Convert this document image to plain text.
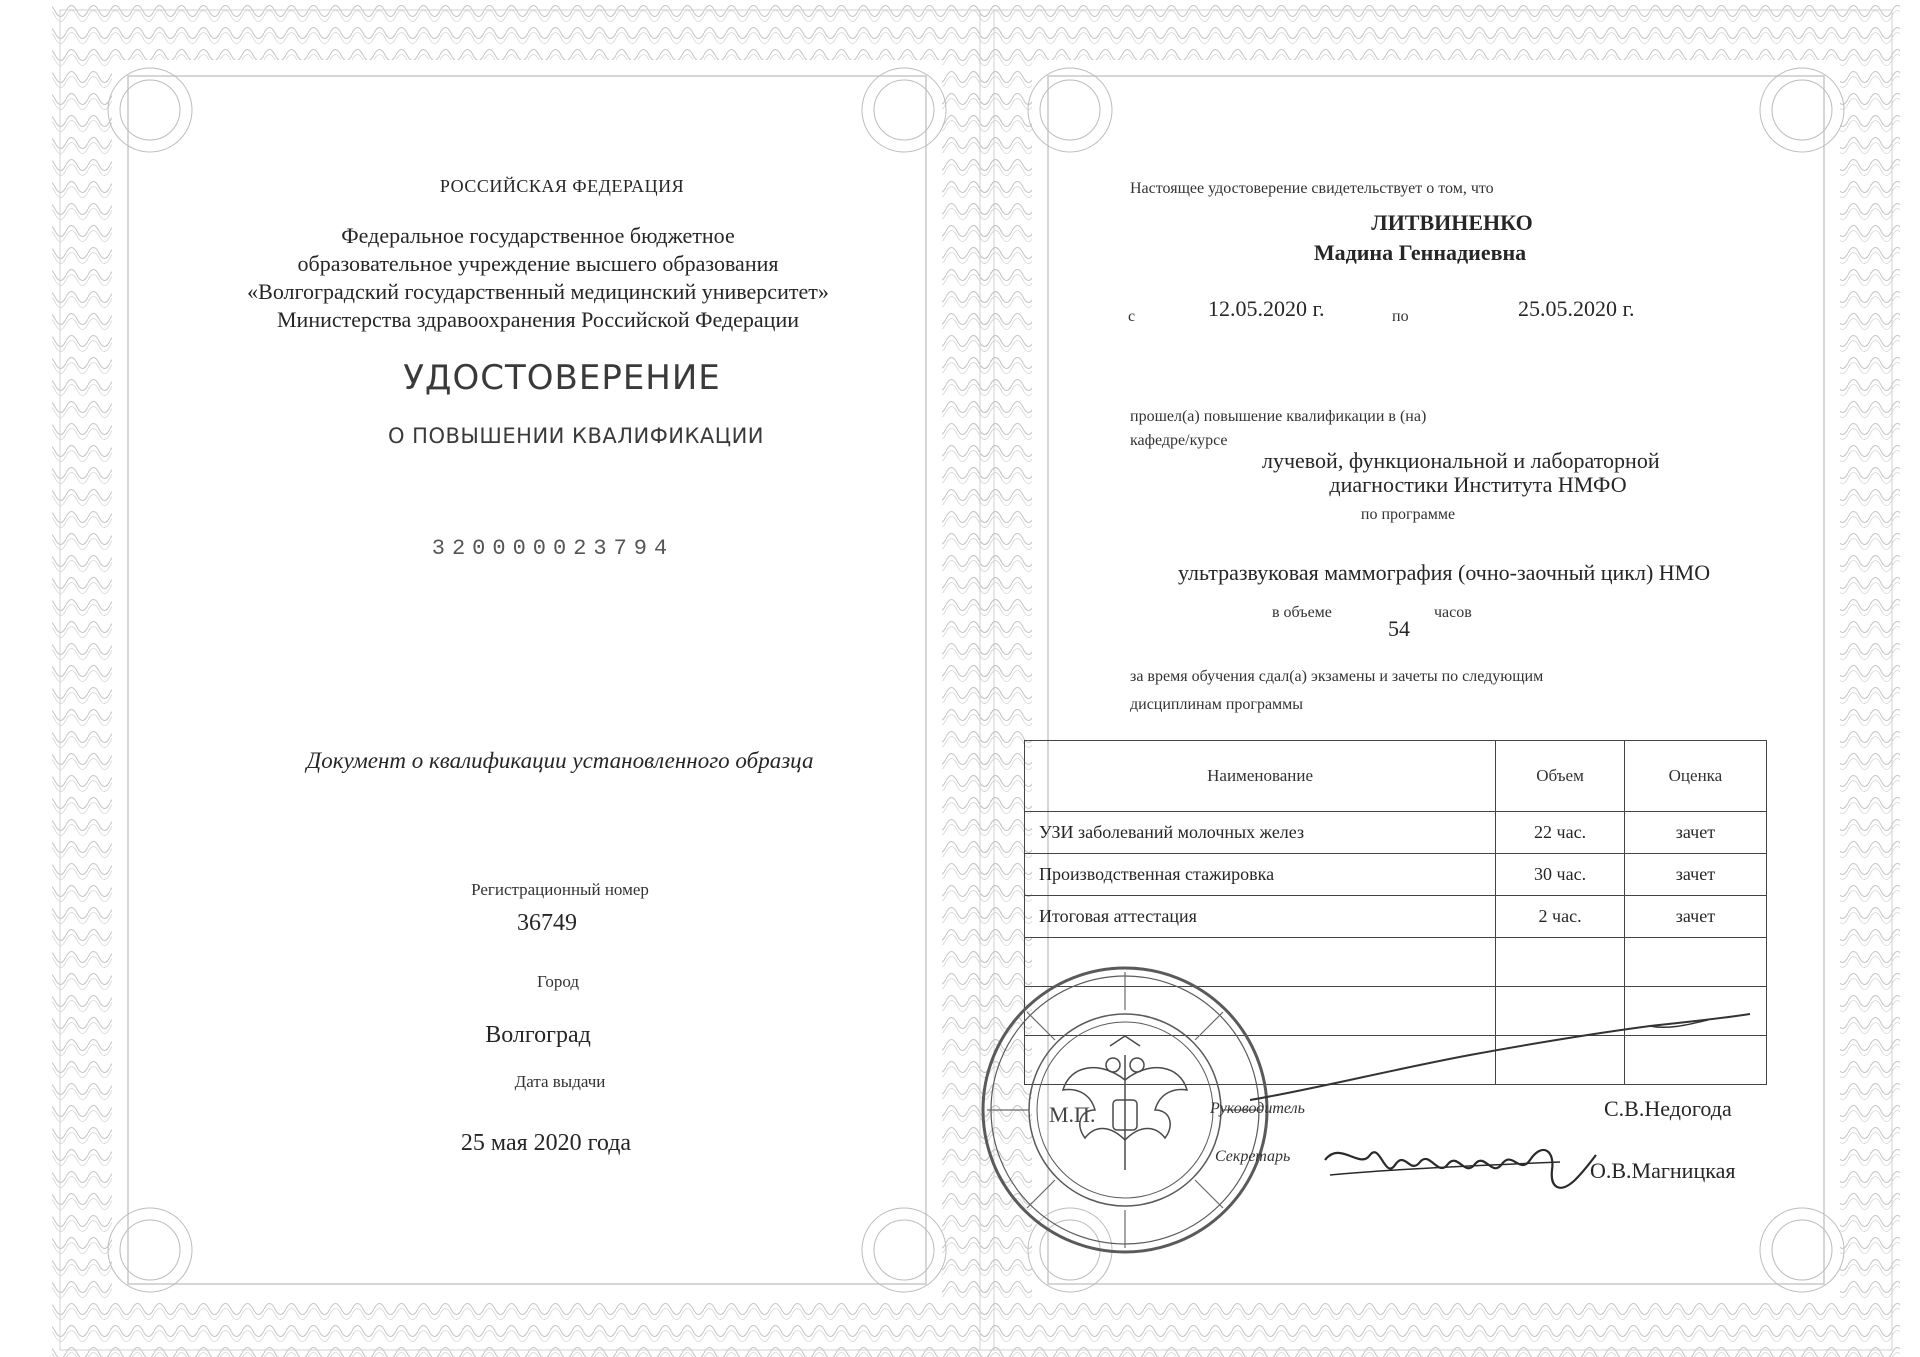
РОССИЙСКАЯ ФЕДЕРАЦИЯ
Федеральное государственное бюджетное
образовательное учреждение высшего образования
«Волгоградский государственный медицинский университет»
Министерства здравоохранения Российской Федерации
УДОСТОВЕРЕНИЕ
О ПОВЫШЕНИИ КВАЛИФИКАЦИИ
320000023794
Документ о квалификации установленного образца
Регистрационный номер
36749
Город
Волгоград
Дата выдачи
25 мая 2020 года
Настоящее удостоверение свидетельствует о том, что
ЛИТВИНЕНКО
Мадина Геннадиевна
с	12.05.2020 г.	по	25.05.2020 г.
прошел(а) повышение квалификации в (на)
кафедре/курсе
лучевой, функциональной и лабораторной
диагностики Института НМФО
по программе
ультразвуковая маммография (очно-заочный цикл) НМО
в объеме
54
часов
за время обучения сдал(а) экзамены и зачеты по следующим
дисциплинам программы
Наименование	Объем	Оценка
УЗИ заболеваний молочных желез	22 час.	зачет
Производственная стажировка	30 час.	зачет
Итоговая аттестация	2 час.	зачет

М.П.	Руководитель	С.В.Недогода
Секретарь
О.В.Магницкая
